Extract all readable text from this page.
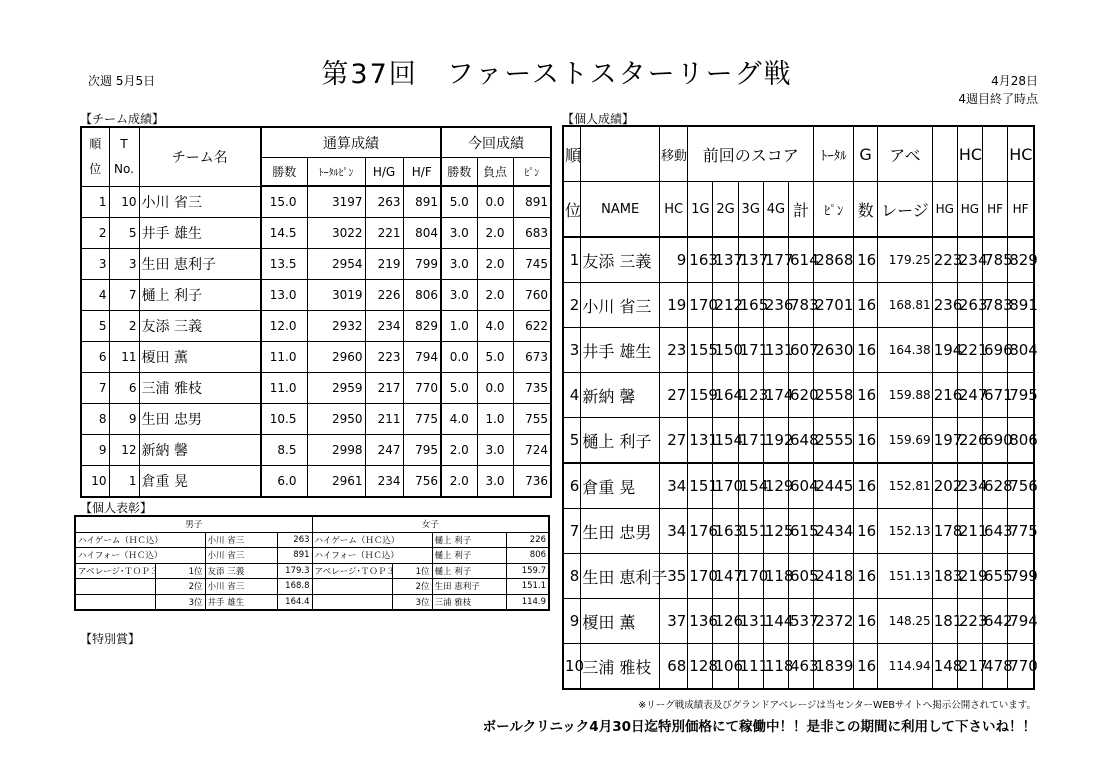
第37回　ファーストスターリーグ戦
次週 5月5日	4月28日
4週目終了時点
【チーム成績】	【個人成績】
【個人表彰】
【特別賞】
順位	T No.	チーム名	通算成績				今回成績		
			勝数	ﾄｰﾀﾙﾋﾟﾝ	H/G	H/F	勝数	負点	ﾋﾟﾝ
1	10	小川 省三	15.0	3197	263	891	5.0	0.0	891
2	5	井手 雄生	14.5	3022	221	804	3.0	2.0	683
3	3	生田 恵利子	13.5	2954	219	799	3.0	2.0	745
4	7	樋上 利子	13.0	3019	226	806	3.0	2.0	760
5	2	友添 三義	12.0	2932	234	829	1.0	4.0	622
6	11	榎田 薫	11.0	2960	223	794	0.0	5.0	673
7	6	三浦 雅枝	11.0	2959	217	770	5.0	0.0	735
8	9	生田 忠男	10.5	2950	211	775	4.0	1.0	755
9	12	新納 馨	8.5	2998	247	795	2.0	3.0	724
10	1	倉重 晃	6.0	2961	234	756	2.0	3.0	736
男子				女子			
ハイゲーム（ＨＣ込）		小川 省三	263	ハイゲーム（ＨＣ込）		樋上 利子	226
ハイフォー（ＨＣ込）		小川 省三	891	ハイフォー（ＨＣ込）		樋上 利子	806
アベレージ･ＴＯＰ３	1位	友添 三義	179.3	アベレージ･ＴＯＰ３	1位	樋上 利子	159.7
	2位	小川 省三	168.8		2位	生田 恵利子	151.1
	3位	井手 雄生	164.4		3位	三浦 雅枝	114.9
順		移動	前回のスコア					ﾄｰﾀﾙ	G	アベ		HC		HC
位	NAME	HC	1G	2G	3G	4G	計	ﾋﾟﾝ	数	レージ	HG	HG	HF	HF
1	友添 三義	9	163	137	137	177	614	2868	16	179.25	223	234	785	829
2	小川 省三	19	170	212	165	236	783	2701	16	168.81	236	263	783	891
3	井手 雄生	23	155	150	171	131	607	2630	16	164.38	194	221	696	804
4	新納 馨	27	159	164	123	174	620	2558	16	159.88	216	247	671	795
5	樋上 利子	27	131	154	171	192	648	2555	16	159.69	197	226	690	806
6	倉重 晃	34	151	170	154	129	604	2445	16	152.81	202	234	628	756
7	生田 忠男	34	176	163	151	125	615	2434	16	152.13	178	211	643	775
8	生田 恵利子	35	170	147	170	118	605	2418	16	151.13	183	219	655	799
9	榎田 薫	37	136	126	131	144	537	2372	16	148.25	181	223	642	794
10	三浦 雅枝	68	128	106	111	118	463	1839	16	114.94	148	217	478	770
※リーグ戦成績表及びグランドアベレージは当センターWEBサイトへ掲示公開されています。
ボールクリニック4月30日迄特別価格にて稼働中！！是非この期間に利用して下さいね！！
